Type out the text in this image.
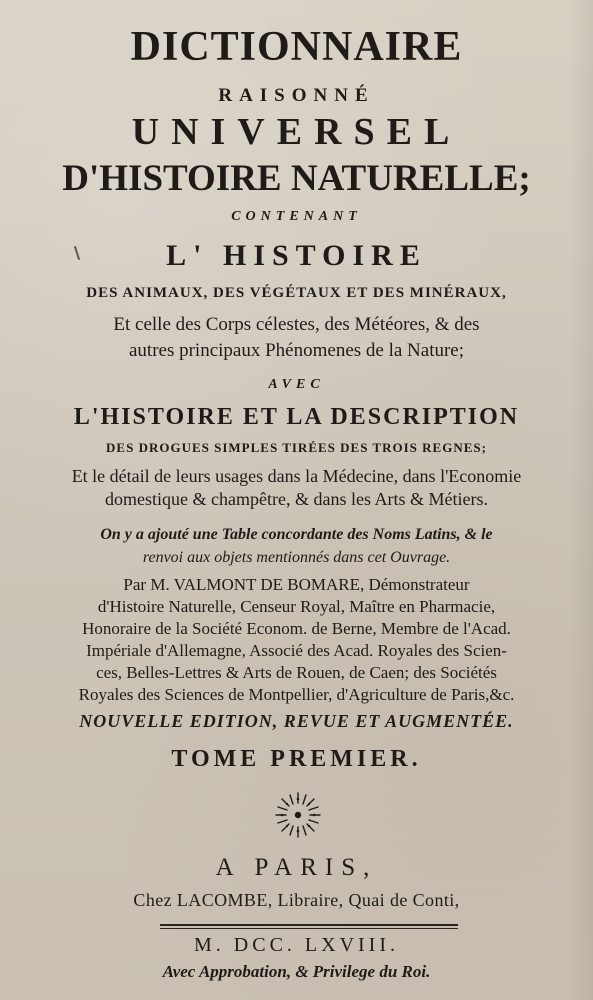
DICTIONNAIRE
RAISONNÉ
UNIVERSEL
D'HISTOIRE NATURELLE;
CONTENANT
L' HISTOIRE
DES ANIMAUX, DES VÉGÉTAUX ET DES MINÉRAUX,
Et celle des Corps célestes, des Météores, & des
autres principaux Phénomenes de la Nature;
AVEC
L'HISTOIRE ET LA DESCRIPTION
DES DROGUES SIMPLES TIRÉES DES TROIS REGNES;
Et le détail de leurs usages dans la Médecine, dans l'Economie
domestique & champêtre, & dans les Arts & Métiers.
On y a ajouté une Table concordante des Noms Latins, & le
renvoi aux objets mentionnés dans cet Ouvrage.
Par M. VALMONT DE BOMARE, Démonstrateur
d'Histoire Naturelle, Censeur Royal, Maître en Pharmacie,
Honoraire de la Société Econom. de Berne, Membre de l'Acad.
Impériale d'Allemagne, Associé des Acad. Royales des Scien-
ces, Belles-Lettres & Arts de Rouen, de Caen; des Sociétés
Royales des Sciences de Montpellier, d'Agriculture de Paris,&c.
NOUVELLE EDITION, REVUE ET AUGMENTÉE.
TOME PREMIER.
A PARIS,
Chez LACOMBE, Libraire, Quai de Conti,
M. DCC. LXVIII.
Avec Approbation, & Privilege du Roi.
